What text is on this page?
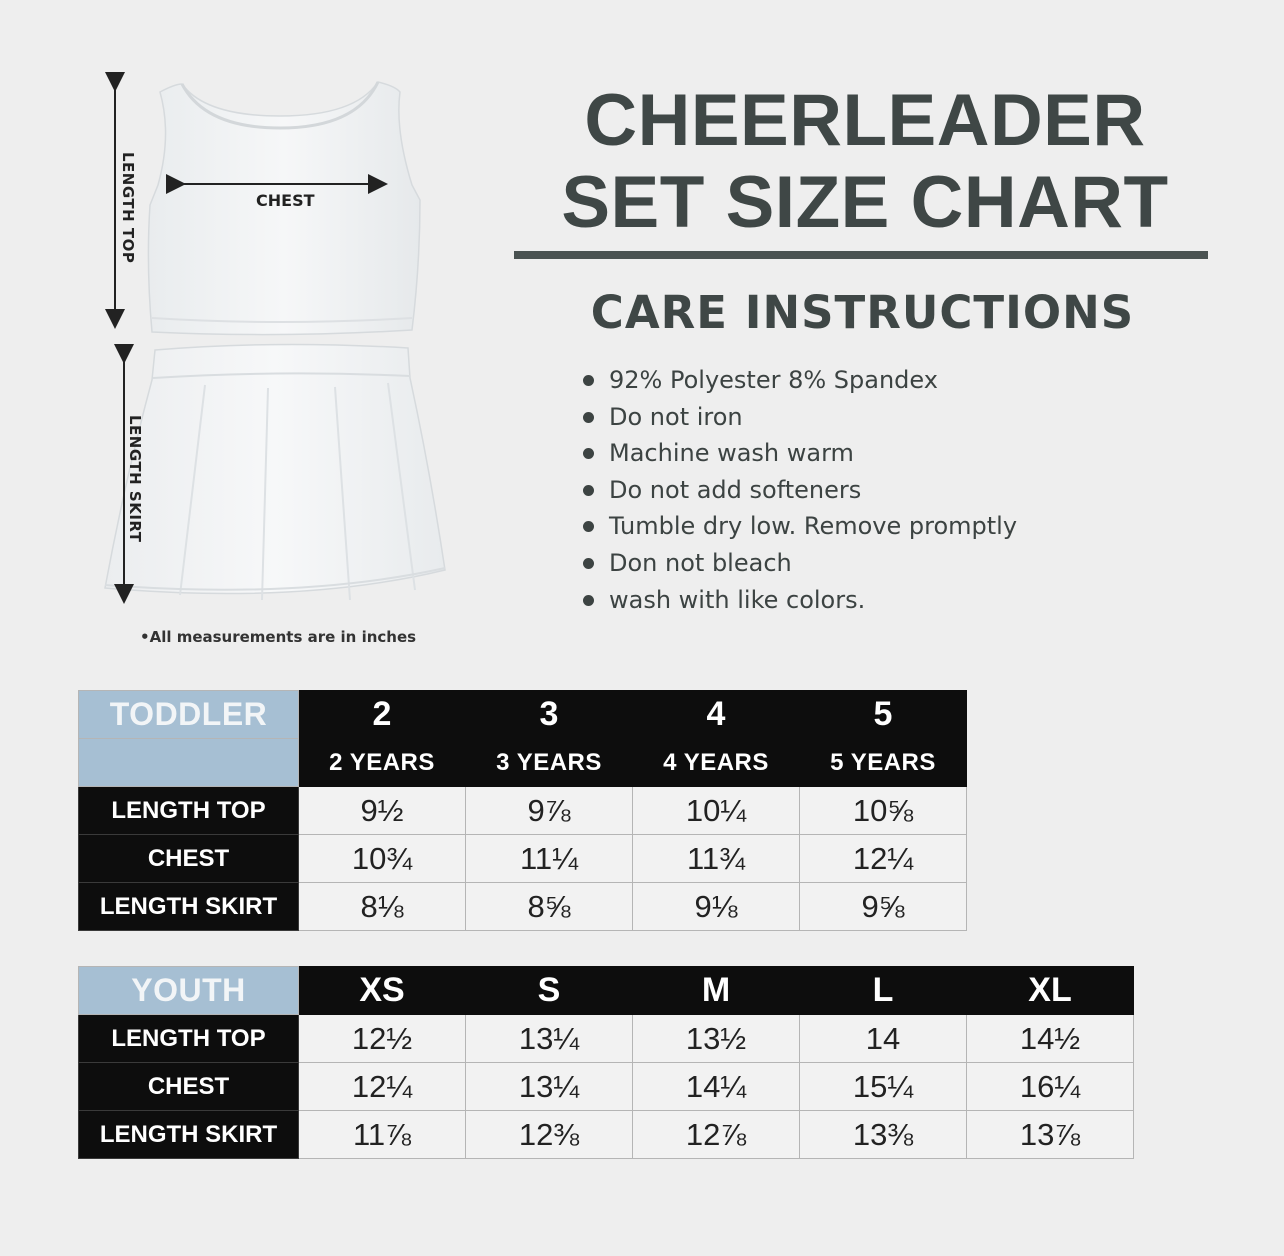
LENGTH TOP	CHEST
LENGTH SKIRT
•All measurements are in inches
CHEERLEADER
SET SIZE CHART
CARE INSTRUCTIONS
92% Polyester 8% Spandex
Do not iron
Machine wash warm
Do not add softeners
Tumble dry low. Remove promptly
Don not bleach
wash with like colors.
TODDLER	2	3	4	5
	2 YEARS	3 YEARS	4 YEARS	5 YEARS
LENGTH TOP	9½	9⅞	10¼	10⅝
CHEST	10¾	11¼	11¾	12¼
LENGTH SKIRT	8⅛	8⅝	9⅛	9⅝
YOUTH	XS	S	M	L	XL
LENGTH TOP	12½	13¼	13½	14	14½
CHEST	12¼	13¼	14¼	15¼	16¼
LENGTH SKIRT	11⅞	12⅜	12⅞	13⅜	13⅞
